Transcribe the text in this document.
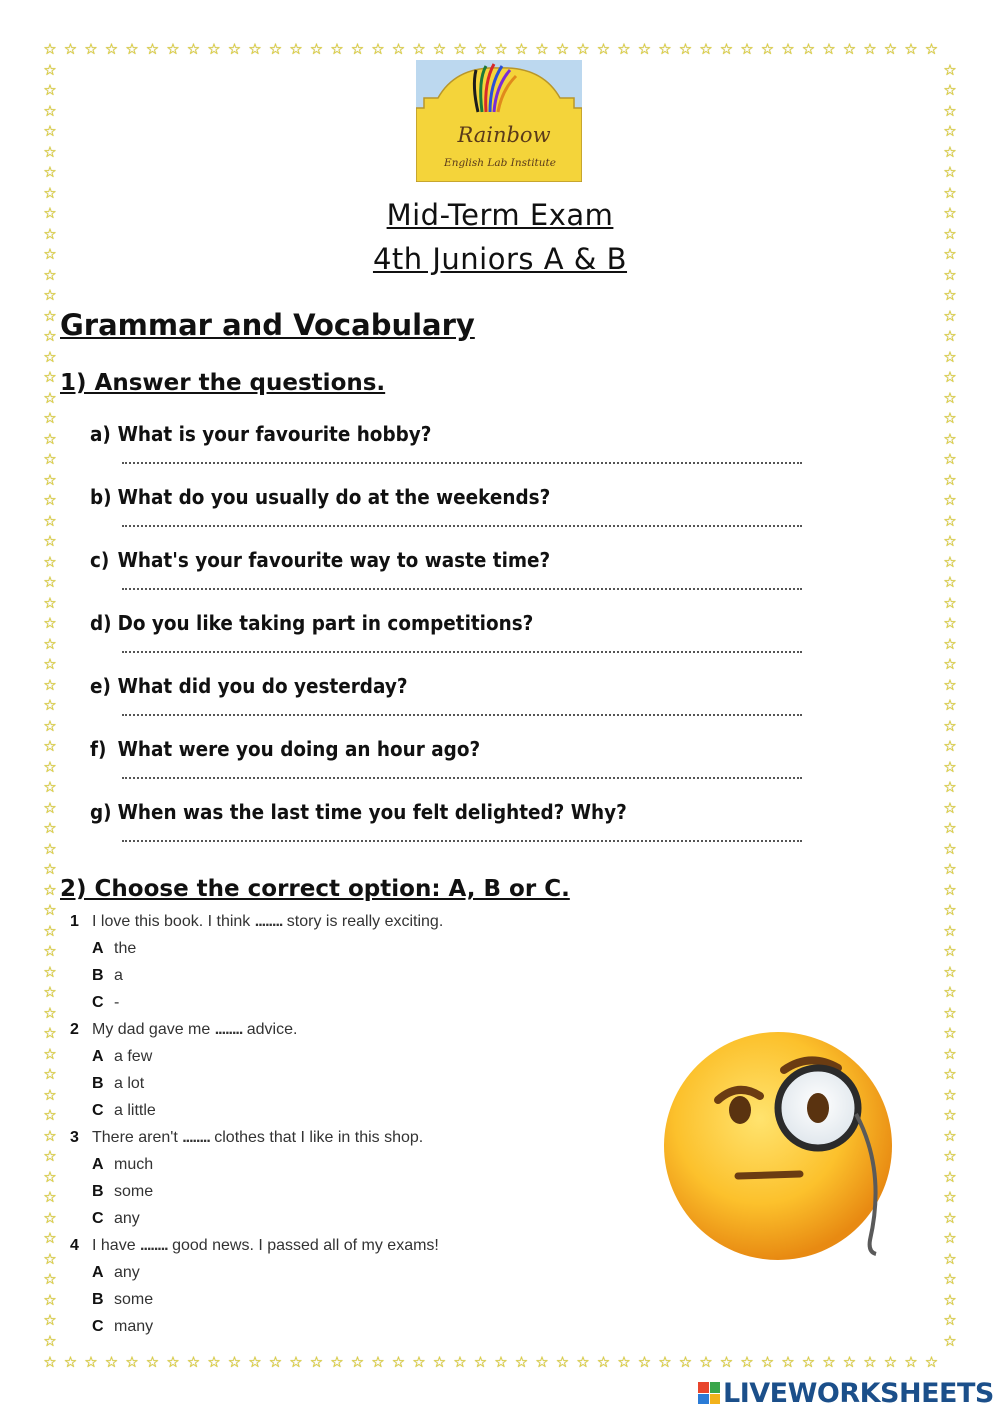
☆
☆
☆
☆
☆
☆
☆
☆
☆
☆
☆
☆
☆
☆
☆
☆
☆
☆
☆
☆
☆
☆
☆
☆
☆
☆
☆
☆
☆
☆
☆
☆
☆
☆
☆
☆
☆
☆
☆
☆
☆
☆
☆
☆
☆
☆
☆
☆
☆
☆
☆
☆
☆
☆
☆
☆
☆
☆
☆
☆
☆
☆
☆
☆
☆
☆
☆
☆
☆
☆
☆
☆
☆
☆
☆
☆
☆
☆
☆
☆
☆
☆
☆
☆
☆
☆
☆
☆
☆	☆
☆	☆
☆	☆
☆	☆
☆	☆
☆	☆
☆	☆
☆	☆
☆	☆
☆	☆
☆	☆
☆	☆
☆	☆
☆	☆
☆	☆
☆	☆
☆	☆
☆	☆
☆	☆
☆	☆
☆	☆
☆	☆
☆	☆
☆	☆
☆	☆
☆	☆
☆	☆
☆	☆
☆	☆
☆	☆
☆	☆
☆	☆
☆	☆
☆	☆
☆	☆
☆	☆
☆	☆
☆	☆
☆	☆
☆	☆
☆	☆
☆	☆
☆	☆
☆	☆
☆	☆
☆	☆
☆	☆
☆	☆
☆	☆
☆	☆
☆	☆
☆	☆
☆	☆
☆	☆
☆	☆
☆	☆
☆	☆
☆	☆
☆	☆
☆	☆
☆	☆
☆	☆
☆	☆
Rainbow
English Lab Institute
Mid-Term Exam
4th Juniors A & B
Grammar and Vocabulary
1) Answer the questions.
a) What is your favourite hobby?
b) What do you usually do at the weekends?
c) What's your favourite way to waste time?
d) Do you like taking part in competitions?
e) What did you do yesterday?
f) What were you doing an hour ago?
g) When was the last time you felt delighted? Why?
2) Choose the correct option: A, B or C.
1 I love this book. I think ........ story is really exciting.
A the
B a
C -
2 My dad gave me ........ advice.
A a few
B a lot
C a little
3 There aren't ........ clothes that I like in this shop.
A much
B some
C any
4 I have ........ good news. I passed all of my exams!
A any
B some
C many
LIVEWORKSHEETS
